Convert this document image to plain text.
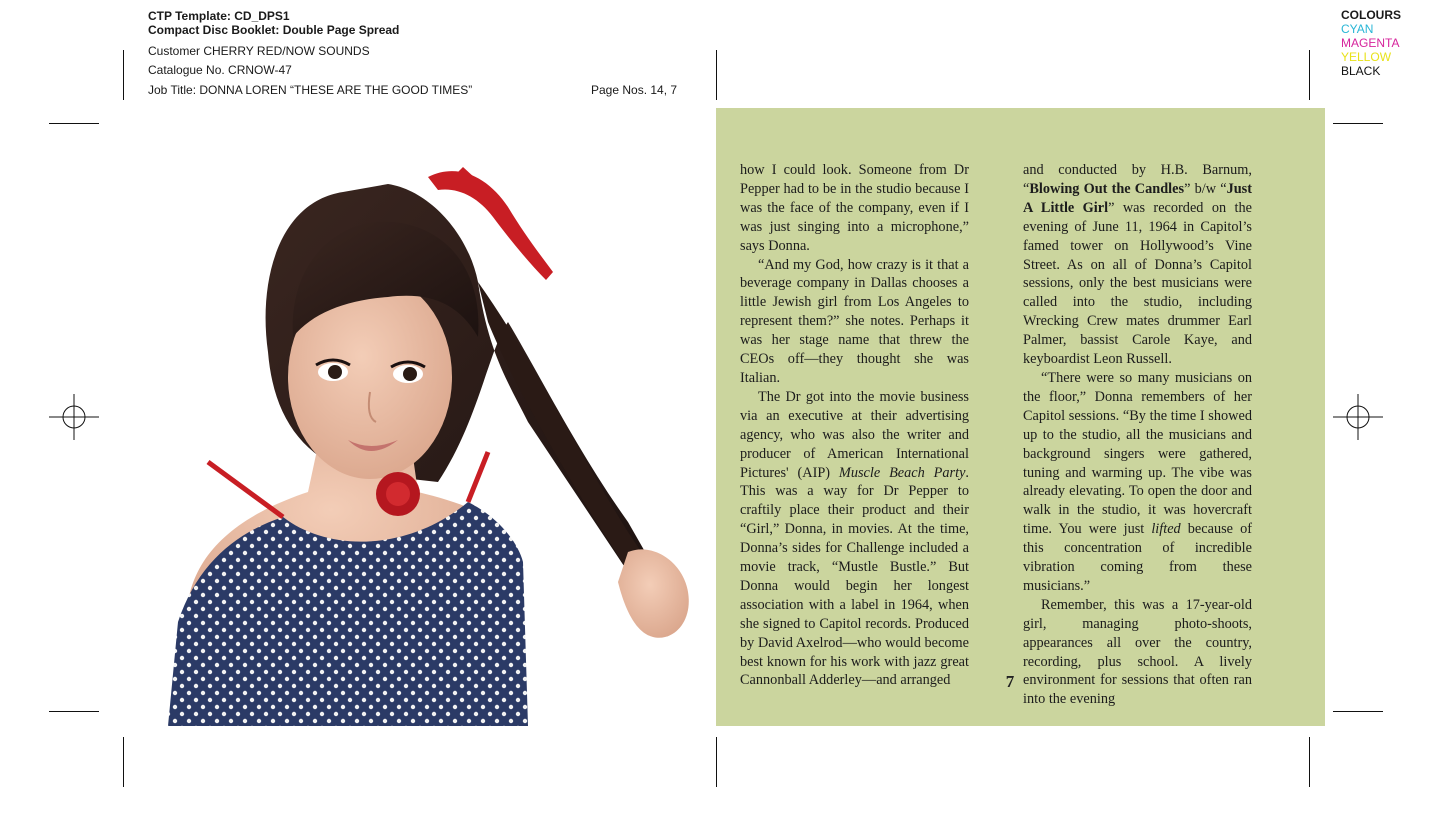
CTP Template: CD_DPS1
Compact Disc Booklet: Double Page Spread
Customer CHERRY RED/NOW SOUNDS
Catalogue No. CRNOW-47
Job Title: DONNA LOREN “THESE ARE THE GOOD TIMES”	Page Nos. 14, 7
COLOURS
CYAN
MAGENTA
YELLOW
BLACK

how I could look. Someone from Dr Pepper had to be in the studio because I was the face of the company, even if I was just singing into a microphone,” says Donna.

“And my God, how crazy is it that a beverage company in Dallas chooses a little Jewish girl from Los Angeles to represent them?” she notes. Perhaps it was her stage name that threw the CEOs off—they thought she was Italian.

The Dr got into the movie business via an executive at their advertising agency, who was also the writer and producer of American International Pictures' (AIP) Muscle Beach Party. This was a way for Dr Pepper to craftily place their product and their “Girl,” Donna, in movies. At the time, Donna’s sides for Challenge included a movie track, “Mustle Bustle.” But Donna would begin her longest association with a label in 1964, when she signed to Capitol records. Produced by David Axelrod—who would become best known for his work with jazz great Cannonball Adderley—and arranged

and conducted by H.B. Barnum, “Blowing Out the Candles” b/w “Just A Little Girl” was recorded on the evening of June 11, 1964 in Capitol’s famed tower on Hollywood’s Vine Street. As on all of Donna’s Capitol sessions, only the best musicians were called into the studio, including Wrecking Crew mates drummer Earl Palmer, bassist Carole Kaye, and keyboardist Leon Russell.

“There were so many musicians on the floor,” Donna remembers of her Capitol sessions. “By the time I showed up to the studio, all the musicians and background singers were gathered, tuning and warming up. The vibe was already elevating. To open the door and walk in the studio, it was hovercraft time. You were just lifted because of this concentration of incredible vibration coming from these musicians.”

Remember, this was a 17-year-old girl, managing photo-shoots, appearances all over the country, recording, plus school. A lively environment for sessions that often ran into the evening

7
